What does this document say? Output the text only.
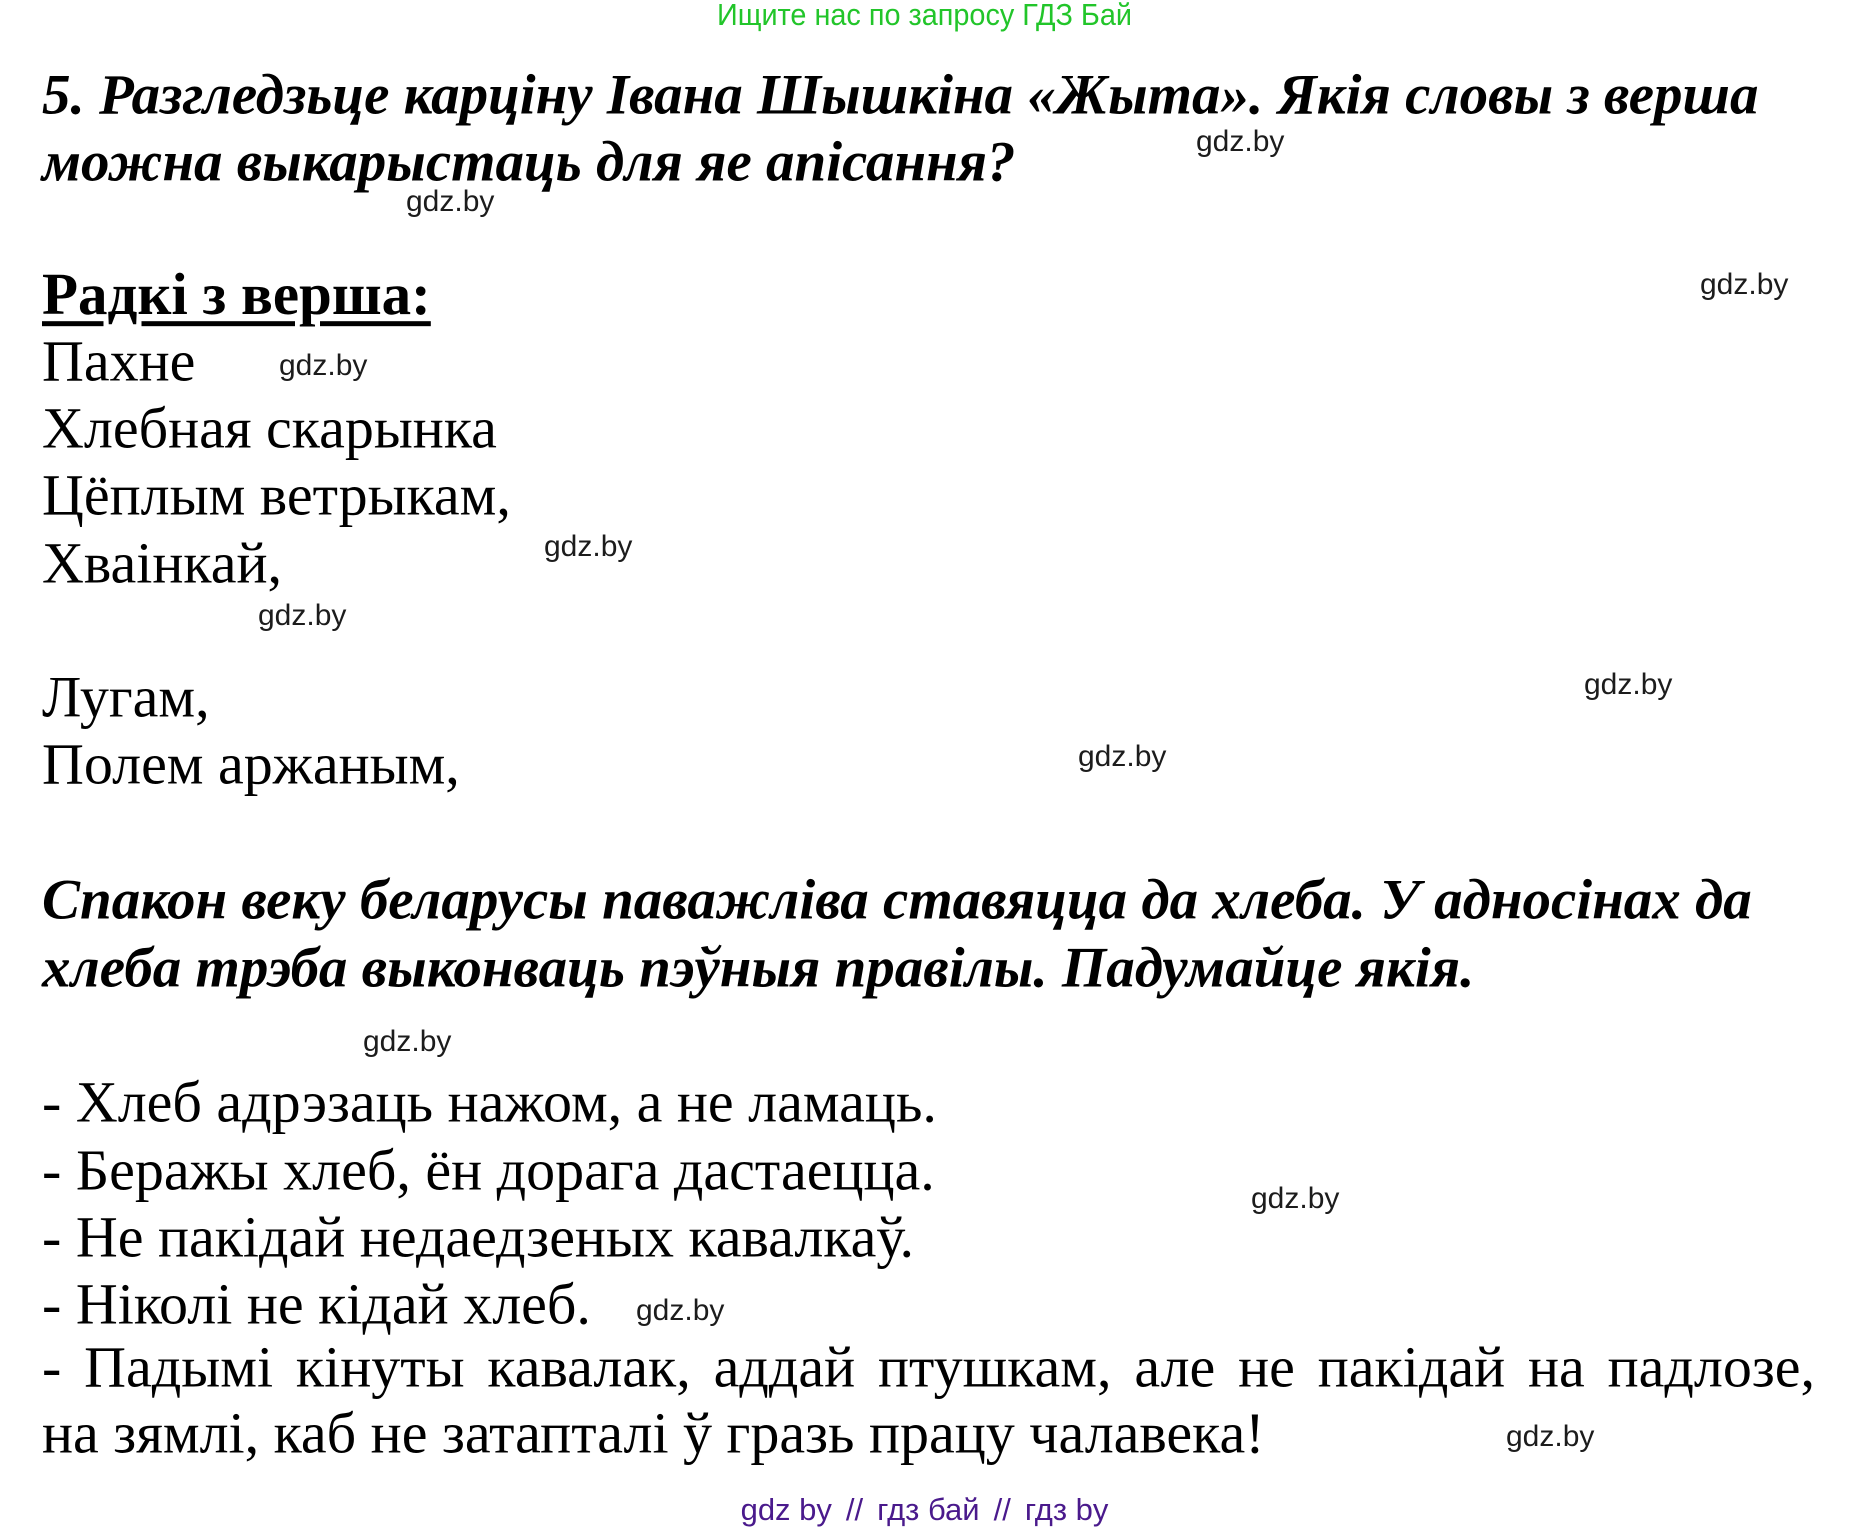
Ищите нас по запросу ГДЗ Бай
5. Разгледзьце карціну Івана Шышкіна «Жыта». Якія словы з верша
можна выкарыстаць для яе апісання?
Радкі з верша:
Пахне
Хлебная скарынка
Цёплым ветрыкам,
Хваінкай,
Лугам,
Полем аржаным,
Спакон веку беларусы паважліва ставяцца да хлеба. У адносінах да
хлеба трэба выконваць пэўныя правілы. Падумайце якія.
- Хлеб адрэзаць нажом, а не ламаць.
- Беражы хлеб, ён дорага дастаецца.
- Не пакідай недаедзеных кавалкаў.
- Ніколі не кідай хлеб.
- Падымі кінуты кавалак, аддай птушкам, але не пакідай на падлозе,
на зямлі, каб не затапталі ў гразь працу чалавека!
gdz.by
gdz.by
gdz.by
gdz.by
gdz.by
gdz.by
gdz.by
gdz.by
gdz.by
gdz.by
gdz.by
gdz.by
gdz by // гдз бай // гдз by
